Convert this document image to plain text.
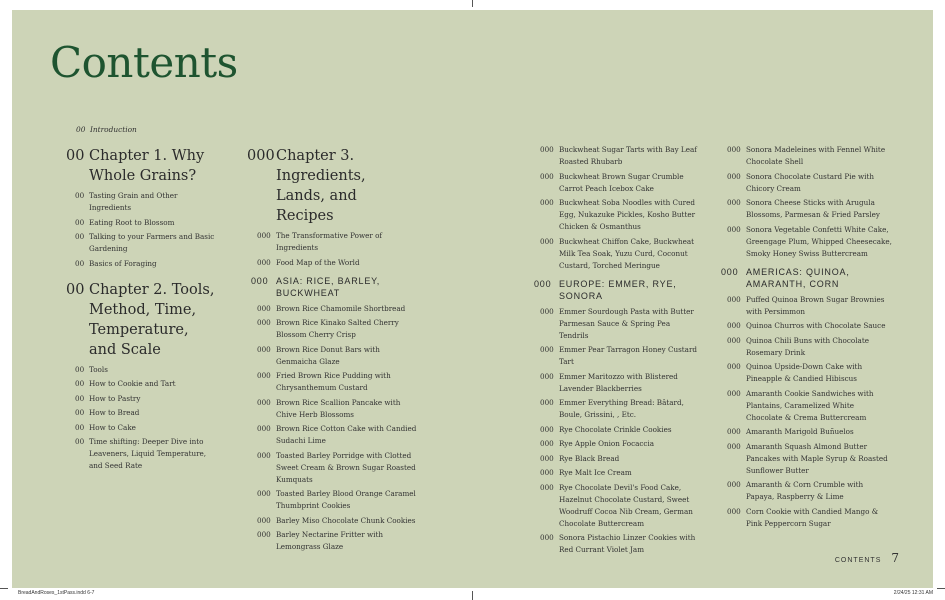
Contents
00 Introduction
00 Chapter 1. Why Whole Grains?
00 Tasting Grain and Other Ingredients
00 Eating Root to Blossom
00 Talking to your Farmers and Basic Gardening
00 Basics of Foraging
00 Chapter 2. Tools, Method, Time, Temperature, and Scale
00 Tools
00 How to Cookie and Tart
00 How to Pastry
00 How to Bread
00 How to Cake
00 Time shifting: Deeper Dive into Leaveners, Liquid Temperature, and Seed Rate
000 Chapter 3. Ingredients, Lands, and Recipes
000 The Transformative Power of Ingredients
000 Food Map of the World
000 ASIA: RICE, BARLEY, BUCKWHEAT
000 Brown Rice Chamomile Shortbread
000 Brown Rice Kinako Salted Cherry Blossom Cherry Crisp
000 Brown Rice Donut Bars with Genmaicha Glaze
000 Fried Brown Rice Pudding with Chrysanthemum Custard
000 Brown Rice Scallion Pancake with Chive Herb Blossoms
000 Brown Rice Cotton Cake with Candied Sudachi Lime
000 Toasted Barley Porridge with Clotted Sweet Cream & Brown Sugar Roasted Kumquats
000 Toasted Barley Blood Orange Caramel Thumbprint Cookies
000 Barley Miso Chocolate Chunk Cookies
000 Barley Nectarine Fritter with Lemongrass Glaze
000 Buckwheat Sugar Tarts with Bay Leaf Roasted Rhubarb
000 Buckwheat Brown Sugar Crumble Carrot Peach Icebox Cake
000 Buckwheat Soba Noodles with Cured Egg, Nukazuke Pickles, Kosho Butter Chicken & Osmanthus
000 Buckwheat Chiffon Cake, Buckwheat Milk Tea Soak, Yuzu Curd, Coconut Custard, Torched Meringue
000 EUROPE: EMMER, RYE, SONORA
000 Emmer Sourdough Pasta with Butter Parmesan Sauce & Spring Pea Tendrils
000 Emmer Pear Tarragon Honey Custard Tart
000 Emmer Maritozzo with Blistered Lavender Blackberries
000 Emmer Everything Bread: Bâtard, Boule, Grissini, , Etc.
000 Rye Chocolate Crinkle Cookies
000 Rye Apple Onion Focaccia
000 Rye Black Bread
000 Rye Malt Ice Cream
000 Rye Chocolate Devil's Food Cake, Hazelnut Chocolate Custard, Sweet Woodruff Cocoa Nib Cream, German Chocolate Buttercream
000 Sonora Pistachio Linzer Cookies with Red Currant Violet Jam
000 Sonora Madeleines with Fennel White Chocolate Shell
000 Sonora Chocolate Custard Pie with Chicory Cream
000 Sonora Cheese Sticks with Arugula Blossoms, Parmesan & Fried Parsley
000 Sonora Vegetable Confetti White Cake, Greengage Plum, Whipped Cheesecake, Smoky Honey Swiss Buttercream
000 AMERICAS: QUINOA, AMARANTH, CORN
000 Puffed Quinoa Brown Sugar Brownies with Persimmon
000 Quinoa Churros with Chocolate Sauce
000 Quinoa Chili Buns with Chocolate Rosemary Drink
000 Quinoa Upside-Down Cake with Pineapple & Candied Hibiscus
000 Amaranth Cookie Sandwiches with Plantains, Caramelized White Chocolate & Crema Buttercream
000 Amaranth Marigold Buñuelos
000 Amaranth Squash Almond Butter Pancakes with Maple Syrup & Roasted Sunflower Butter
000 Amaranth & Corn Crumble with Papaya, Raspberry & Lime
000 Corn Cookie with Candied Mango & Pink Peppercorn Sugar
CONTENTS 7
BreadAndRoses_1stPass.indd 6-7	2/24/25 12:31 AM
